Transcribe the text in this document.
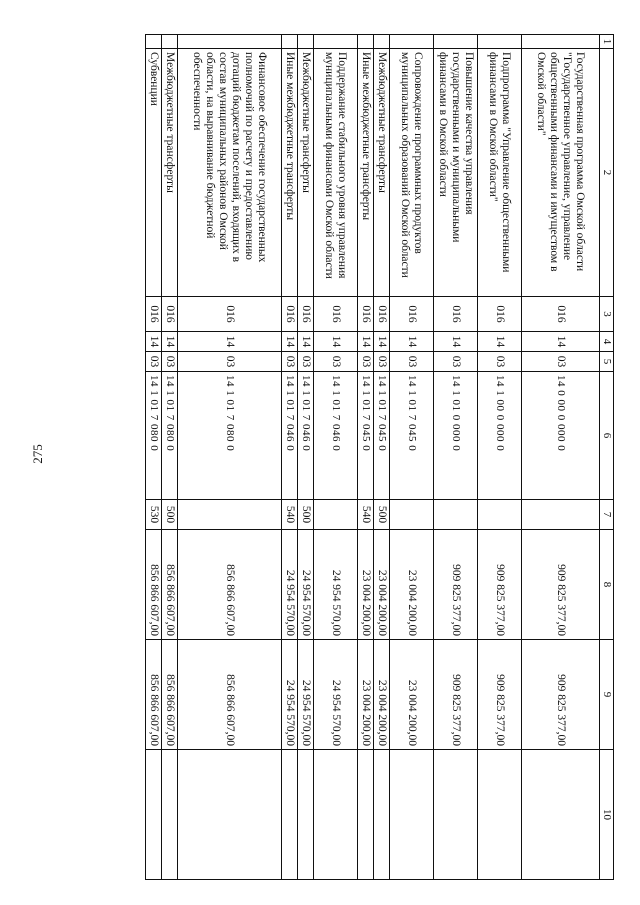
275
1	2	3	4	5	6	7	8	9	10
	Государственная программа Омской области "Государственное управление, управление общественными финансами и имуществом в Омской области"	016	14	03	14 0 00 0 000 0		909 825 377,00	909 825 377,00	
	Подпрограмма "Управление общественными финансами в Омской области"	016	14	03	14 1 00 0 000 0		909 825 377,00	909 825 377,00	
	Повышение качества управления государственными и муниципальными финансами в Омской области	016	14	03	14 1 01 0 000 0		909 825 377,00	909 825 377,00	
	Сопровождение программных продуктов муниципальных образований Омской области	016	14	03	14 1 01 7 045 0		23 004 200,00	23 004 200,00	
	Межбюджетные трансферты	016	14	03	14 1 01 7 045 0	500	23 004 200,00	23 004 200,00	
	Иные межбюджетные трансферты	016	14	03	14 1 01 7 045 0	540	23 004 200,00	23 004 200,00	
	Поддержание стабильного уровня управления муниципальными финансами Омской области	016	14	03	14 1 01 7 046 0		24 954 570,00	24 954 570,00	
	Межбюджетные трансферты	016	14	03	14 1 01 7 046 0	500	24 954 570,00	24 954 570,00	
	Иные межбюджетные трансферты	016	14	03	14 1 01 7 046 0	540	24 954 570,00	24 954 570,00	
	Финансовое обеспечение государственных полномочий по расчету и предоставлению дотаций бюджетам поселений, входящих в состав муниципальных районов Омской области, на выравнивание бюджетной обеспеченности	016	14	03	14 1 01 7 080 0		856 866 607,00	856 866 607,00	
	Межбюджетные трансферты	016	14	03	14 1 01 7 080 0	500	856 866 607,00	856 866 607,00	
	Субвенции	016	14	03	14 1 01 7 080 0	530	856 866 607,00	856 866 607,00	
